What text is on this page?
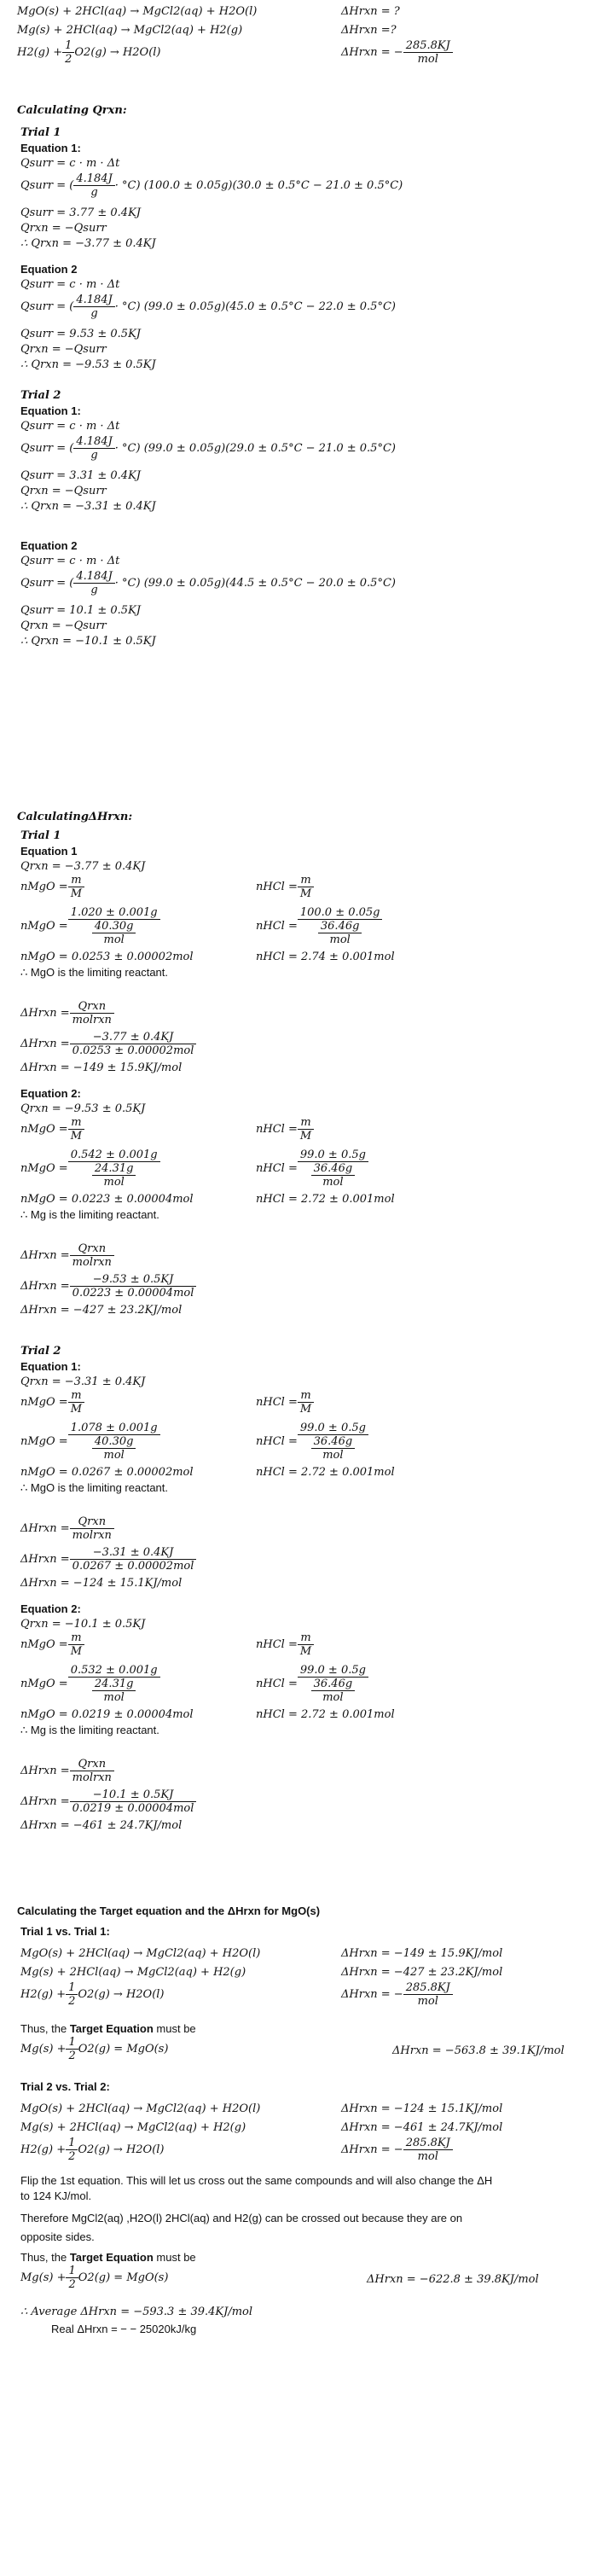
MgO(s) + 2HCl(aq) → MgCl2(aq) + H2O(l)	ΔHrxn = ?
Mg(s) + 2HCl(aq) → MgCl2(aq) + H2(g)	ΔHrxn =?
$H2(g) + \frac{1}{2} O2(g) \to H2O(l)$	ΔHrxn = − $\frac{285.8KJ}{\text{mol}}$
Calculating Qrxn:
Trial 1
Equation 1:
Qsurr = c · m · Δt
Qsurr = ( $\frac{4.184J}{g} \cdot ^\circ C$) (100.0 ± 0.05g)(30.0 ± 0.5°C − 21.0 ± 0.5°C)
Qsurr = 3.77 ± 0.4KJ
Qrxn = −Qsurr
∴ Qrxn = −3.77 ± 0.4KJ
Equation 2
Qsurr = c · m · Δt
Qsurr = ( $\frac{4.184J}{g} \cdot ^\circ C$) (99.0 ± 0.05g)(45.0 ± 0.5°C − 22.0 ± 0.5°C)
Qsurr = 9.53 ± 0.5KJ
Qrxn = −Qsurr
∴ Qrxn = −9.53 ± 0.5KJ
Trial 2
Equation 1:
Qsurr = c · m · Δt
Qsurr = ( $\frac{4.184J}{g} \cdot ^\circ C$) (99.0 ± 0.05g)(29.0 ± 0.5°C − 21.0 ± 0.5°C)
Qsurr = 3.31 ± 0.4KJ
Qrxn = −Qsurr
∴ Qrxn = −3.31 ± 0.4KJ
Equation 2
Qsurr = c · m · Δt
Qsurr = ( $\frac{4.184J}{g} \cdot ^\circ C$) (99.0 ± 0.05g)(44.5 ± 0.5°C − 20.0 ± 0.5°C)
Qsurr = 10.1 ± 0.5KJ
Qrxn = −Qsurr
∴ Qrxn = −10.1 ± 0.5KJ
CalculatingΔHrxn:
Trial 1
Equation 1
Qrxn = −3.77 ± 0.4KJ
nMgO = $\frac{m}{M}$	nHCl = $\frac{m}{M}$
nMgO = $\frac{1.020 \pm 0.001g}{\frac{40.30g}{\text{mol}}}$	nHCl = $\frac{100.0 \pm 0.05g}{\frac{36.46g}{\text{mol}}}$
nMgO = 0.0253 ± 0.00002mol	nHCl = 2.74 ± 0.001mol
∴ MgO is the limiting reactant.
ΔHrxn = $\frac{\text{Qrxn}}{\text{molrxn}}$
ΔHrxn = $\frac{-3.77 \pm 0.4KJ}{\text{0.0253 ± 0.00002mol}}$
ΔHrxn = −149 ± 15.9KJ/mol
Equation 2:
Qrxn = −9.53 ± 0.5KJ
nMgO = $\frac{m}{M}$	nHCl = $\frac{m}{M}$
nMgO = $\frac{0.542 \pm 0.001g}{\frac{24.31g}{\text{mol}}}$	nHCl = $\frac{99.0 \pm 0.5g}{\frac{36.46g}{\text{mol}}}$
nMgO = 0.0223 ± 0.00004mol	nHCl = 2.72 ± 0.001mol
∴ Mg is the limiting reactant.
ΔHrxn = $\frac{\text{Qrxn}}{\text{molrxn}}$
ΔHrxn = $\frac{-9.53 \pm 0.5KJ}{\text{0.0223 ± 0.00004mol}}$
ΔHrxn = −427 ± 23.2KJ/mol
Trial 2
Equation 1:
Qrxn = −3.31 ± 0.4KJ
nMgO = $\frac{m}{M}$	nHCl = $\frac{m}{M}$
nMgO = $\frac{1.078 \pm 0.001g}{\frac{40.30g}{\text{mol}}}$	nHCl = $\frac{99.0 \pm 0.5g}{\frac{36.46g}{\text{mol}}}$
nMgO = 0.0267 ± 0.00002mol	nHCl = 2.72 ± 0.001mol
∴ MgO is the limiting reactant.
ΔHrxn = $\frac{\text{Qrxn}}{\text{molrxn}}$
ΔHrxn = $\frac{-3.31 \pm 0.4KJ}{\text{0.0267 ± 0.00002mol}}$
ΔHrxn = −124 ± 15.1KJ/mol
Equation 2:
Qrxn = −10.1 ± 0.5KJ
nMgO = $\frac{m}{M}$	nHCl = $\frac{m}{M}$
nMgO = $\frac{0.532 \pm 0.001g}{\frac{24.31g}{\text{mol}}}$	nHCl = $\frac{99.0 \pm 0.5g}{\frac{36.46g}{\text{mol}}}$
nMgO = 0.0219 ± 0.00004mol	nHCl = 2.72 ± 0.001mol
∴ Mg is the limiting reactant.
ΔHrxn = $\frac{\text{Qrxn}}{\text{molrxn}}$
ΔHrxn = $\frac{-10.1 \pm 0.5KJ}{\text{0.0219 ± 0.00004mol}}$
ΔHrxn = −461 ± 24.7KJ/mol
Calculating the Target equation and the ΔHrxn for MgO(s)
Trial 1 vs. Trial 1:
MgO(s) + 2HCl(aq) → MgCl2(aq) + H2O(l)	ΔHrxn = −149 ± 15.9KJ/mol
Mg(s) + 2HCl(aq) → MgCl2(aq) + H2(g)	ΔHrxn = −427 ± 23.2KJ/mol
$H2(g) + \frac{1}{2} O2(g) \to H2O(l)$	ΔHrxn = − $\frac{285.8KJ}{\text{mol}}$
Thus, the Target Equation must be
$Mg(s) + \frac{1}{2} O2(g) = MgO(s)$	ΔHrxn = −563.8 ± 39.1KJ/mol
Trial 2 vs. Trial 2:
MgO(s) + 2HCl(aq) → MgCl2(aq) + H2O(l)	ΔHrxn = −124 ± 15.1KJ/mol
Mg(s) + 2HCl(aq) → MgCl2(aq) + H2(g)	ΔHrxn = −461 ± 24.7KJ/mol
$H2(g) + \frac{1}{2} O2(g) \to H2O(l)$	ΔHrxn = − $\frac{285.8KJ}{\text{mol}}$
Flip the 1st equation. This will let us cross out the same compounds and will also change the ΔH
to 124 KJ/mol.
Therefore MgCl2(aq) ,H2O(l) 2HCl(aq) and H2(g) can be crossed out because they are on
opposite sides.
Thus, the Target Equation must be
$Mg(s) + \frac{1}{2} O2(g) = MgO(s)$	ΔHrxn = −622.8 ± 39.8KJ/mol
∴ Average ΔHrxn = −593.3 ± 39.4KJ/mol
Real ΔHrxn = − − 25020kJ/kg
